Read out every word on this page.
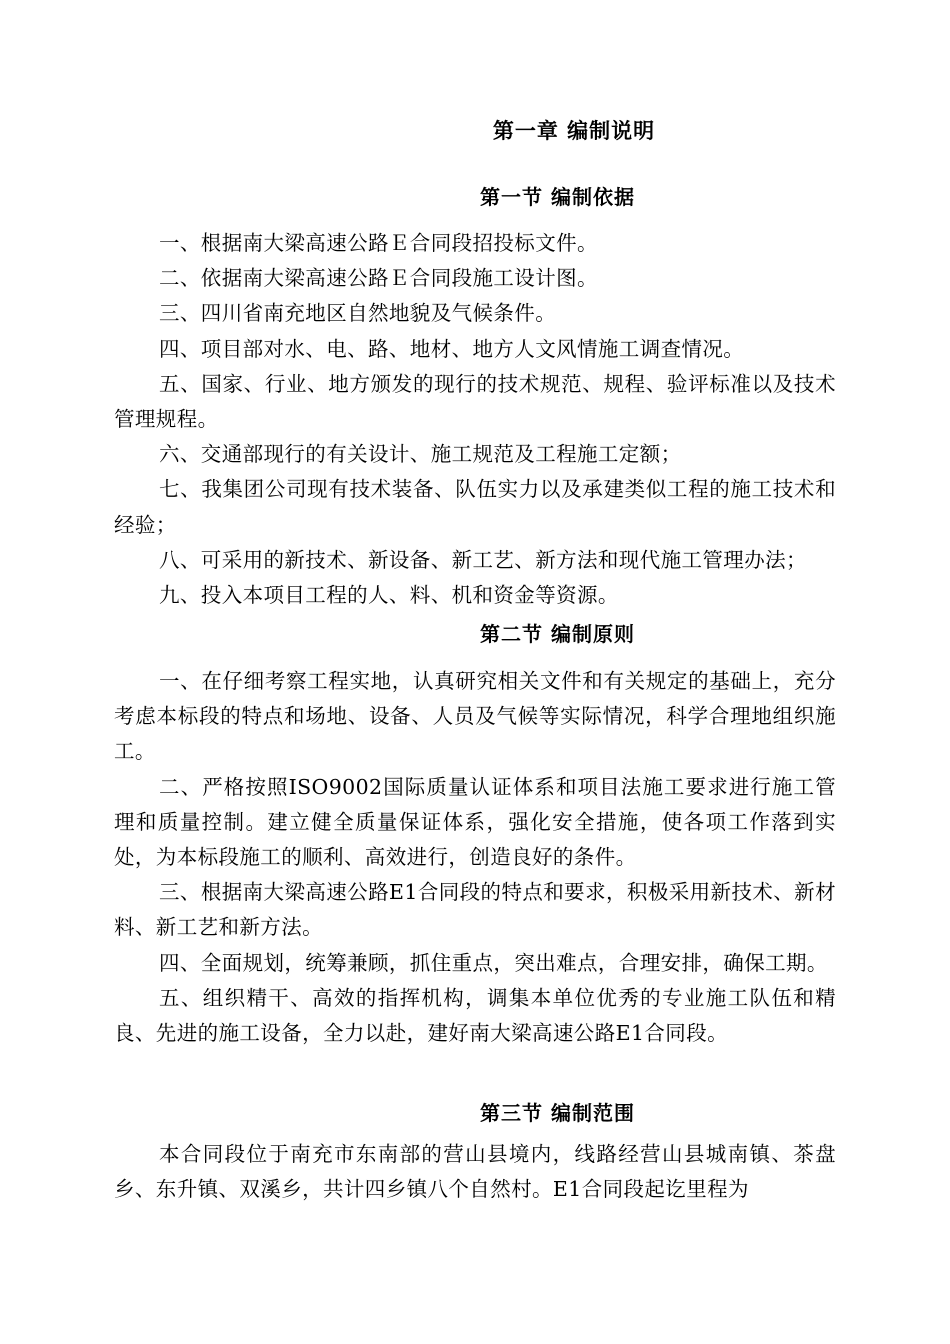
第一章 编制说明
第一节 编制依据
一、根据南大梁高速公路Ｅ合同段招投标文件。
二、依据南大梁高速公路Ｅ合同段施工设计图。
三、四川省南充地区自然地貌及气候条件。
四、项目部对水、电、路、地材、地方人文风情施工调查情况。
五、国家、行业、地方颁发的现行的技术规范、规程、验评标准以及技术管理规程。
六、交通部现行的有关设计、施工规范及工程施工定额；
七、我集团公司现有技术装备、队伍实力以及承建类似工程的施工技术和经验；
八、可采用的新技术、新设备、新工艺、新方法和现代施工管理办法；
九、投入本项目工程的人、料、机和资金等资源。
第二节 编制原则
一、在仔细考察工程实地，认真研究相关文件和有关规定的基础上，充分考虑本标段的特点和场地、设备、人员及气候等实际情况，科学合理地组织施工。
二、严格按照ISO9002国际质量认证体系和项目法施工要求进行施工管理和质量控制。建立健全质量保证体系，强化安全措施，使各项工作落到实处，为本标段施工的顺利、高效进行，创造良好的条件。
三、根据南大梁高速公路E1合同段的特点和要求，积极采用新技术、新材料、新工艺和新方法。
四、全面规划，统筹兼顾，抓住重点，突出难点，合理安排，确保工期。
五、组织精干、高效的指挥机构，调集本单位优秀的专业施工队伍和精良、先进的施工设备，全力以赴，建好南大梁高速公路E1合同段。
第三节 编制范围
本合同段位于南充市东南部的营山县境内，线路经营山县城南镇、茶盘乡、东升镇、双溪乡，共计四乡镇八个自然村。E1合同段起讫里程为
